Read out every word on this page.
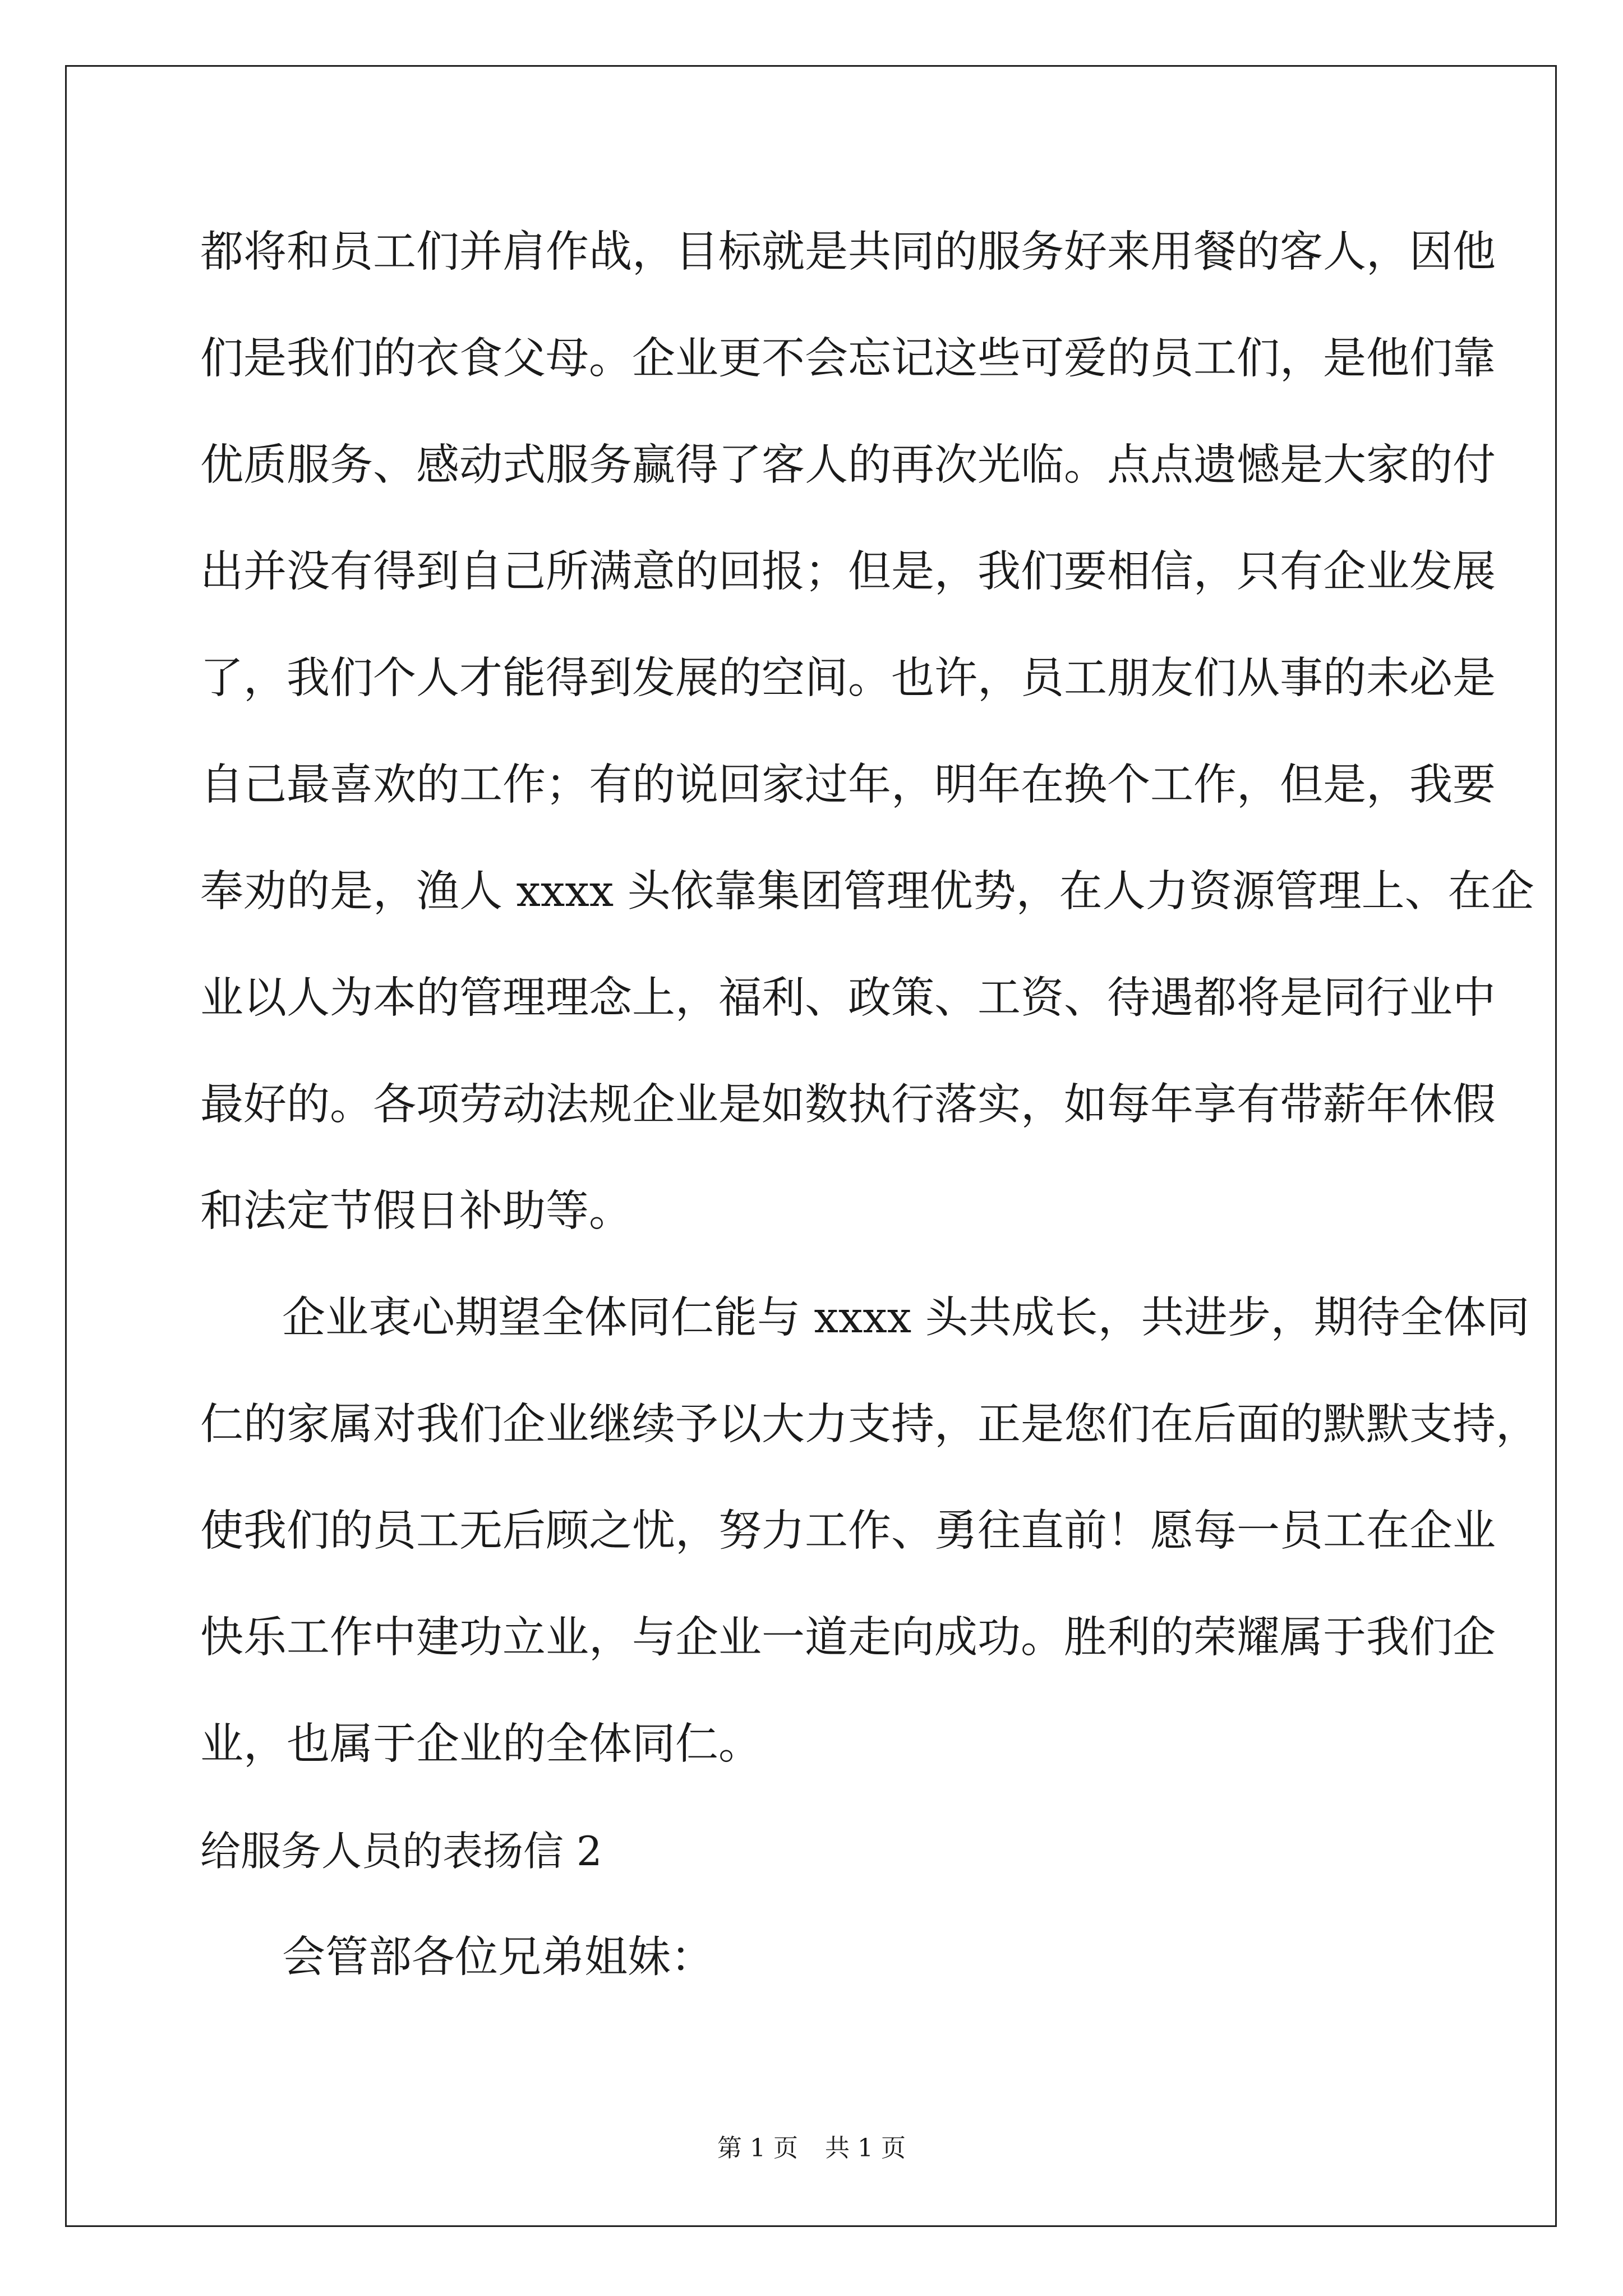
都将和员工们并肩作战，目标就是共同的服务好来用餐的客人，因他
们是我们的衣食父母。企业更不会忘记这些可爱的员工们，是他们靠
优质服务、感动式服务赢得了客人的再次光临。点点遗憾是大家的付
出并没有得到自己所满意的回报；但是，我们要相信，只有企业发展
了，我们个人才能得到发展的空间。也许，员工朋友们从事的未必是
自己最喜欢的工作；有的说回家过年，明年在换个工作，但是，我要
奉劝的是，渔人 xxxx 头依靠集团管理优势，在人力资源管理上、在企
业以人为本的管理理念上，福利、政策、工资、待遇都将是同行业中
最好的。各项劳动法规企业是如数执行落实，如每年享有带薪年休假
和法定节假日补助等。
企业衷心期望全体同仁能与 xxxx 头共成长，共进步，期待全体同
仁的家属对我们企业继续予以大力支持，正是您们在后面的默默支持，
使我们的员工无后顾之忧，努力工作、勇往直前！愿每一员工在企业
快乐工作中建功立业，与企业一道走向成功。胜利的荣耀属于我们企
业，也属于企业的全体同仁。
给服务人员的表扬信 2
会管部各位兄弟姐妹：
第 1 页 共 1 页
